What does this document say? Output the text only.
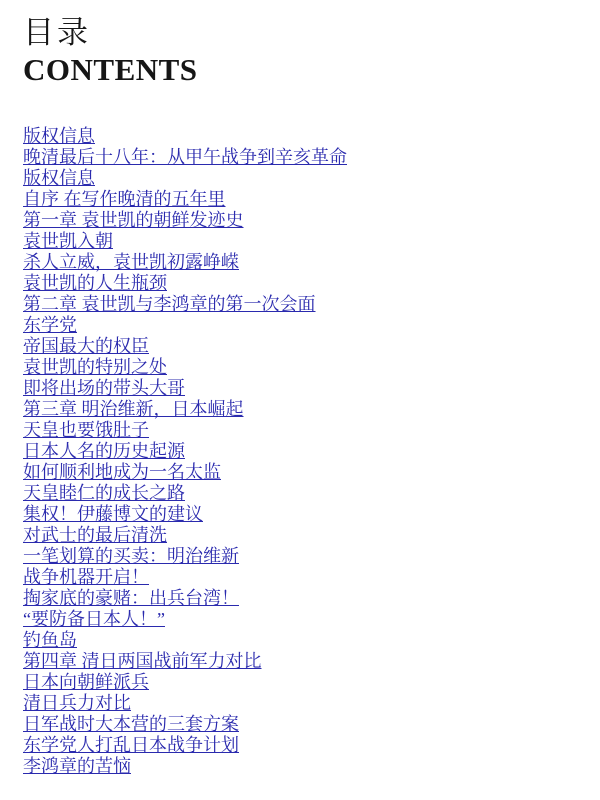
目录
CONTENTS
版权信息
晚清最后十八年：从甲午战争到辛亥革命
版权信息
自序 在写作晚清的五年里
第一章 袁世凯的朝鲜发迹史
袁世凯入朝
杀人立威，袁世凯初露峥嵘
袁世凯的人生瓶颈
第二章 袁世凯与李鸿章的第一次会面
东学党
帝国最大的权臣
袁世凯的特别之处
即将出场的带头大哥
第三章 明治维新，日本崛起
天皇也要饿肚子
日本人名的历史起源
如何顺利地成为一名太监
天皇睦仁的成长之路
集权！伊藤博文的建议
对武士的最后清洗
一笔划算的买卖：明治维新
战争机器开启！
掏家底的豪赌：出兵台湾！
“要防备日本人！”
钓鱼岛
第四章 清日两国战前军力对比
日本向朝鲜派兵
清日兵力对比
日军战时大本营的三套方案
东学党人打乱日本战争计划
李鸿章的苦恼
